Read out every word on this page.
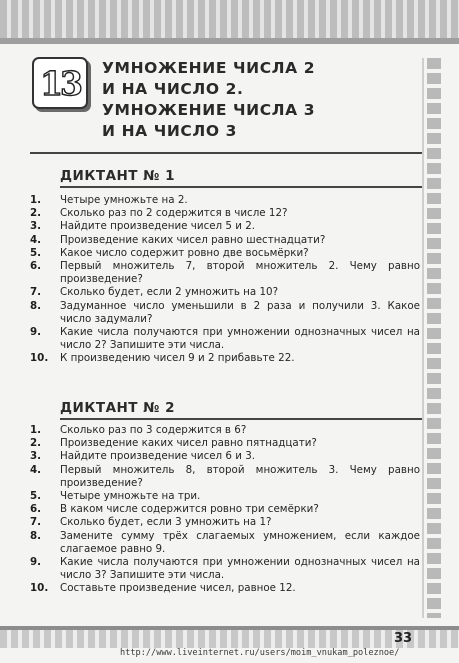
13 УМНОЖЕНИЕ ЧИСЛА 2
И НА ЧИСЛО 2.
УМНОЖЕНИЕ ЧИСЛА 3
И НА ЧИСЛО 3
ДИКТАНТ № 1
1.	Четыре умножьте на 2.
2.	Сколько раз по 2 содержится в числе 12?
3.	Найдите произведение чисел 5 и 2.
4.	Произведение каких чисел равно шестнадцати?
5.	Какое число содержит ровно две восьмёрки?
6.	Первый множитель 7, второй множитель 2. Чему равно произведение?
7.	Сколько будет, если 2 умножить на 10?
8.	Задуманное число уменьшили в 2 раза и получили 3. Какое число задумали?
9.	Какие числа получаются при умножении однозначных чисел на число 2? Запишите эти числа.
10.	К произведению чисел 9 и 2 прибавьте 22.
ДИКТАНТ № 2
1.	Сколько раз по 3 содержится в 6?
2.	Произведение каких чисел равно пятнадцати?
3.	Найдите произведение чисел 6 и 3.
4.	Первый множитель 8, второй множитель 3. Чему равно произведение?
5.	Четыре умножьте на три.
6.	В каком числе содержится ровно три семёрки?
7.	Сколько будет, если 3 умножить на 1?
8.	Замените сумму трёх слагаемых умножением, если каждое слагаемое равно 9.
9.	Какие числа получаются при умножении однозначных чисел на число 3? Запишите эти числа.
10.	Составьте произведение чисел, равное 12.
33
http://www.liveinternet.ru/users/moim_vnukam_poleznoe/
